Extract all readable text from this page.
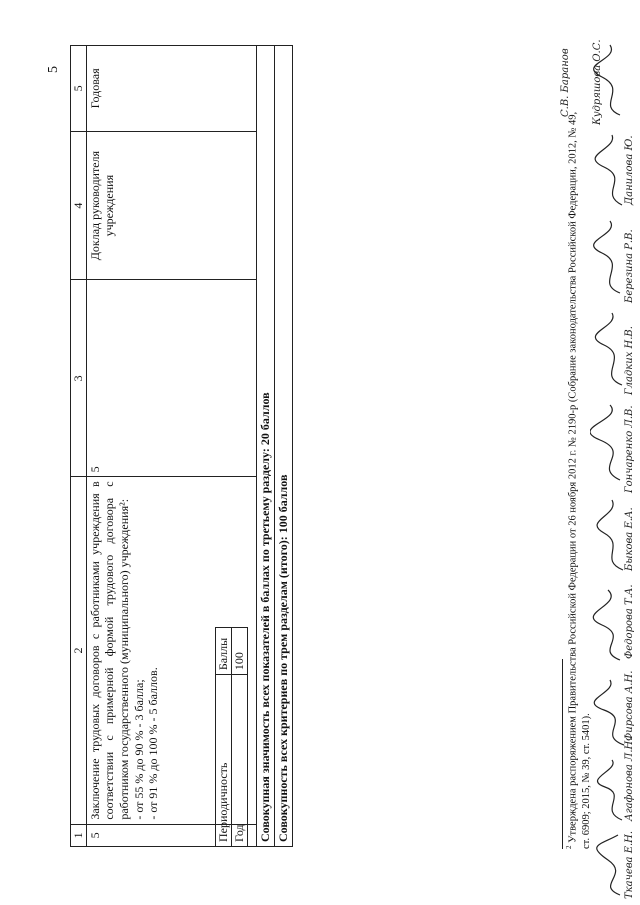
5
1	2	3	4	5
5	Заключение трудовых договоров с работниками учреждения в соответствии с примерной формой трудового договора с работником государственного (муниципального) учреждения²: - от 55 % до 90 % - 3 балла; - от 91 % до 100 % - 5 баллов.	5	Доклад руководителя учреждения	Годовая
Совокупная значимость всех показателей в баллах по третьему разделу: 20 баллов				
Совокупность всех критериев по трем разделам (итого): 100 баллов				
Периодичность	Баллы
Год	100
$^2$ Утверждена распоряжением Правительства Российской Федерации от 26 ноября 2012 г. № 2190-р (Собрание законодательства Российской Федерации, 2012, № 49, ст. 6909; 2015, № 39, ст. 5401).
Ткачева Е.Н.
Агафонова Л.Н.
Фирсова А.Н.
Федорова Т.А.
Быкова Е.А.
Гончаренко Л.В.
Гладких Н.В.
Березина Р.В.
Данилова Ю.
Кудряшова О.С.
С.В. Баранов
